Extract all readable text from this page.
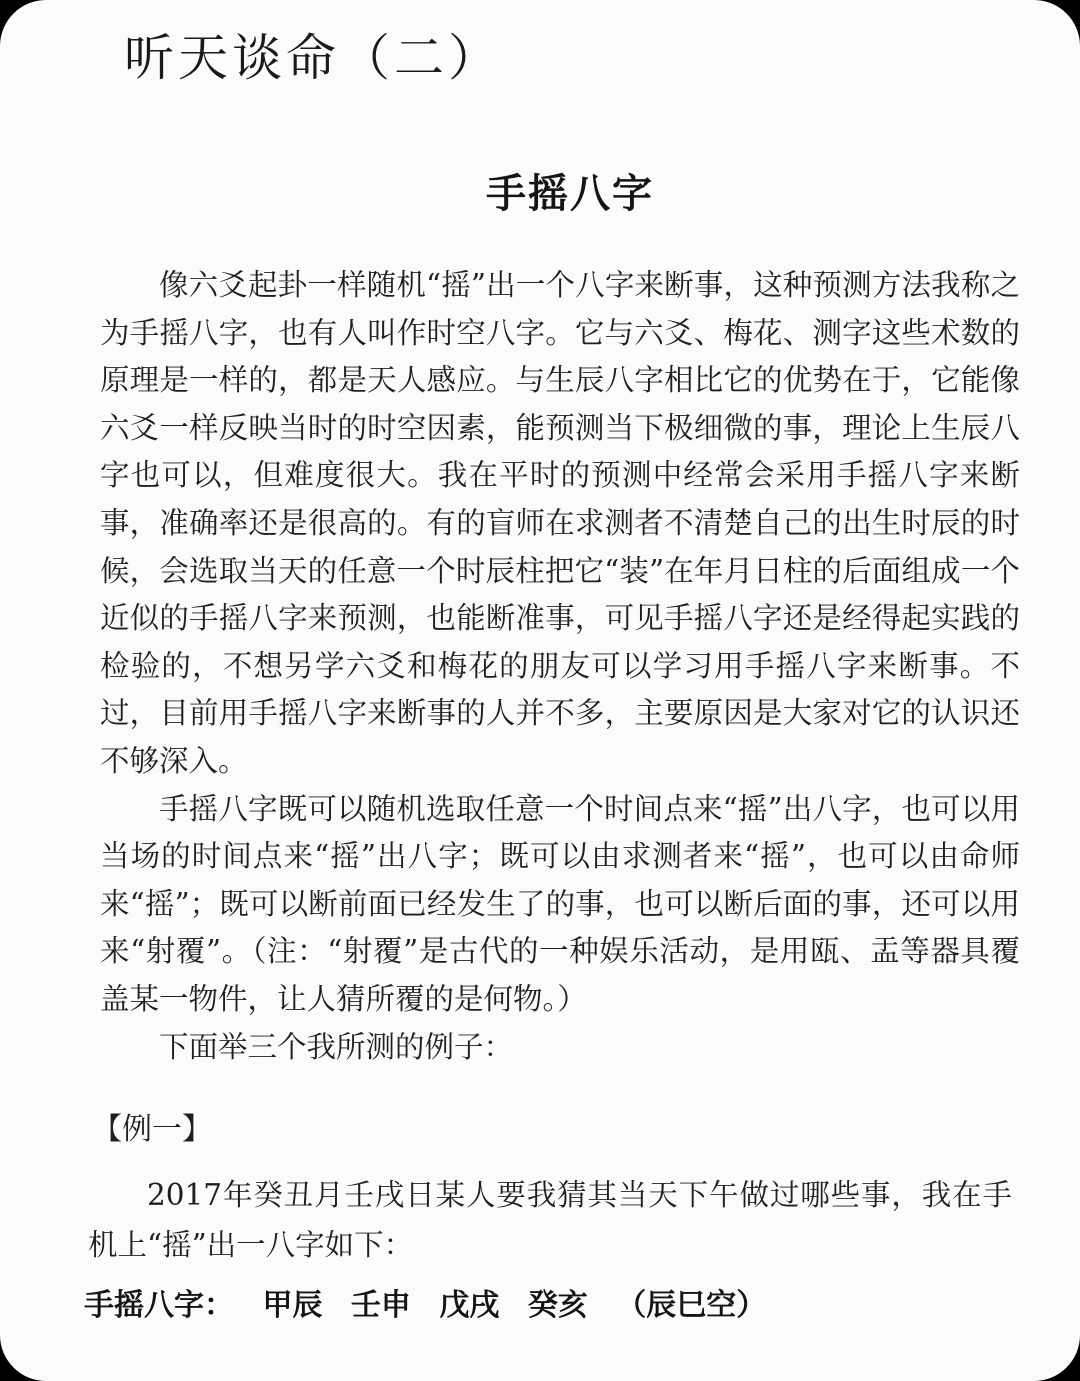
听天谈命（二）
手摇八字

像六爻起卦一样随机“摇”出一个八字来断事，这种预测方法我称之为手摇八字，也有人叫作时空八字。它与六爻、梅花、测字这些术数的原理是一样的，都是天人感应。与生辰八字相比它的优势在于，它能像六爻一样反映当时的时空因素，能预测当下极细微的事，理论上生辰八字也可以，但难度很大。我在平时的预测中经常会采用手摇八字来断事，准确率还是很高的。有的盲师在求测者不清楚自己的出生时辰的时候，会选取当天的任意一个时辰柱把它“装”在年月日柱的后面组成一个近似的手摇八字来预测，也能断准事，可见手摇八字还是经得起实践的检验的，不想另学六爻和梅花的朋友可以学习用手摇八字来断事。不过，目前用手摇八字来断事的人并不多，主要原因是大家对它的认识还不够深入。

手摇八字既可以随机选取任意一个时间点来“摇”出八字，也可以用当场的时间点来“摇”出八字；既可以由求测者来“摇”，也可以由命师来“摇”；既可以断前面已经发生了的事，也可以断后面的事，还可以用来“射覆”。（注：“射覆”是古代的一种娱乐活动，是用瓯、盂等器具覆盖某一物件，让人猜所覆的是何物。）

下面举三个我所测的例子：

【例一】

2017年癸丑月壬戌日某人要我猜其当天下午做过哪些事，我在手机上“摇”出一八字如下：

手摇八字： 甲辰 壬申 戊戌 癸亥 （辰巳空）
